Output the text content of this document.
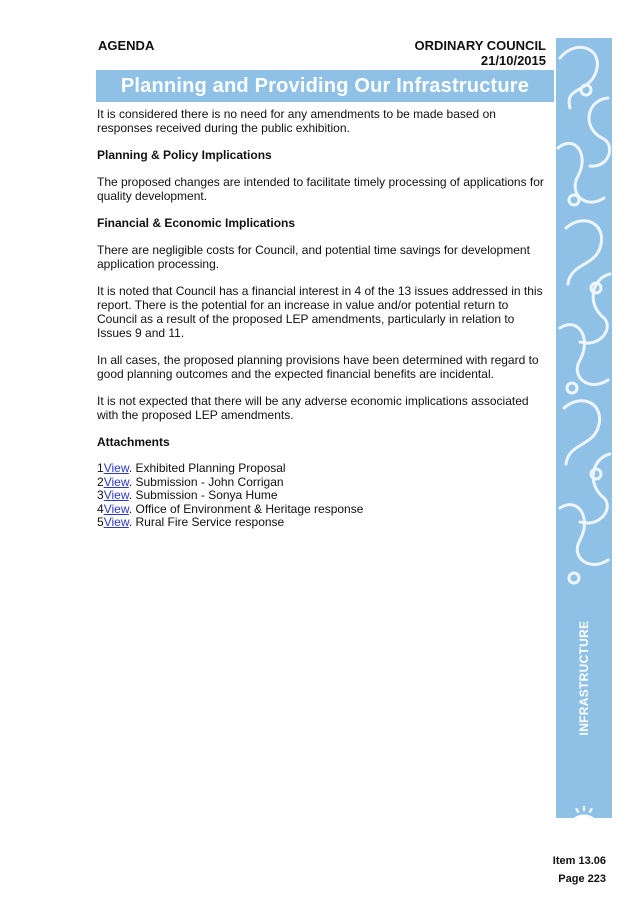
AGENDA	ORDINARY COUNCIL
21/10/2015
Planning and Providing Our Infrastructure
INFRASTRUCTURE
PORT MACQUARIE
HASTINGS

It is considered there is no need for any amendments to be made based on responses received during the public exhibition.

Planning & Policy Implications

The proposed changes are intended to facilitate timely processing of applications for quality development.

Financial & Economic Implications

There are negligible costs for Council, and potential time savings for development application processing.

It is noted that Council has a financial interest in 4 of the 13 issues addressed in this report. There is the potential for an increase in value and/or potential return to Council as a result of the proposed LEP amendments, particularly in relation to Issues 9 and 11.

In all cases, the proposed planning provisions have been determined with regard to good planning outcomes and the expected financial benefits are incidental.

It is not expected that there will be any adverse economic implications associated with the proposed LEP amendments.

Attachments
1View. Exhibited Planning Proposal
2View. Submission - John Corrigan
3View. Submission - Sonya Hume
4View. Office of Environment & Heritage response
5View. Rural Fire Service response
Item 13.06
Page 223
